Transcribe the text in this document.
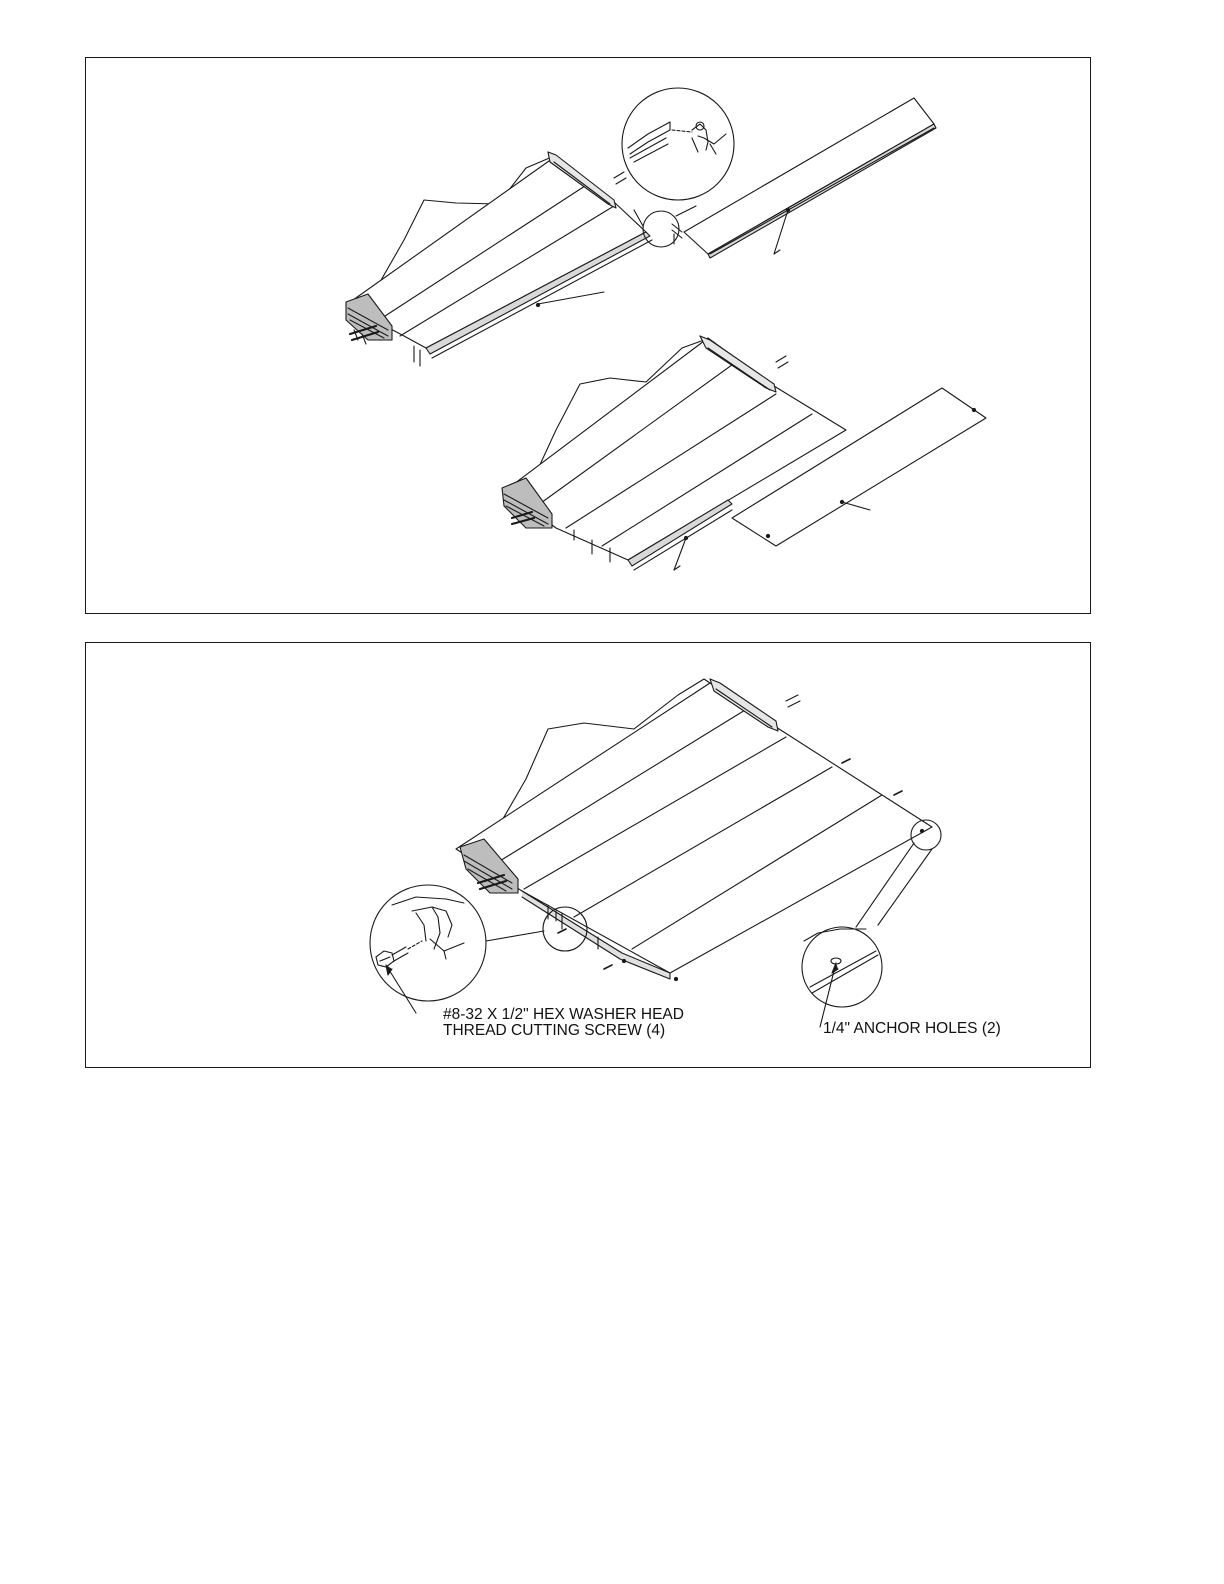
#8-32 X 1/2" HEX WASHER HEAD
THREAD CUTTING SCREW (4)	1/4" ANCHOR HOLES (2)
